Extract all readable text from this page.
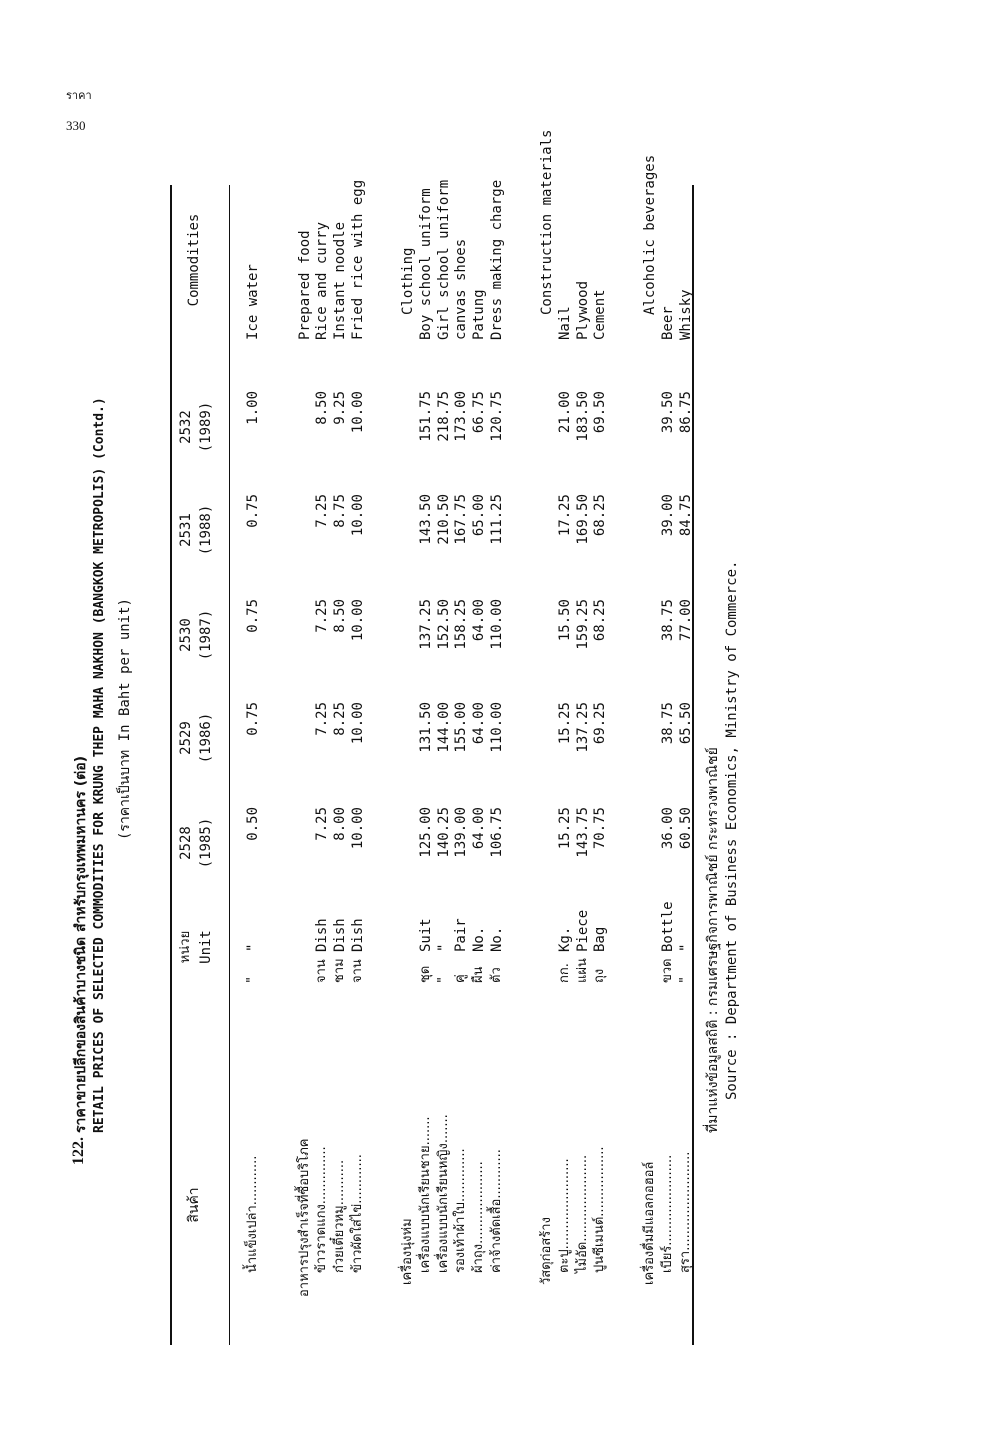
ราคา
330
122.
ราคาขายปลีกของสินค้าบางชนิด สำหรับกรุงเทพมหานคร (ต่อ) RETAIL PRICES OF SELECTED COMMODITIES FOR KRUNG THEP MAHA NAKHON (BANGKOK METROPOLIS) (Contd.) (ราคาเป็นบาท In Baht per unit)
สินค้า
หน่วย Unit
2528 (1985)
2529 (1986)
2530 (1987)
2531 (1988)
2532 (1989)
Commodities
น้ำแข็งเปล่า............
"
"
0.50
0.75
0.75
0.75
1.00
Ice water
อาหารปรุงสำเร็จที่ซื้อบริโภค
Prepared food
ข้าวราดแกง..............
จาน
Dish
7.25
7.25
7.25
7.25
8.50
Rice and curry
ก๋วยเตี๋ยวหมู...........
ชาม
Dish
8.00
8.25
8.50
8.75
9.25
Instant noodle
ข้าวผัดใส่ไข่............
จาน
Dish
10.00
10.00
10.00
10.00
10.00
Fried rice with egg
เครื่องนุ่งห่ม
Clothing
เครื่องแบบนักเรียนชาย.......
ชุด
Suit
125.00
131.50
137.25
143.50
151.75
Boy school uniform
เครื่องแบบนักเรียนหญิง.......
"
"
140.25
144.00
152.50
210.50
218.75
Girl school uniform
รองเท้าผ้าใบ.............
คู่
Pair
139.00
155.00
158.25
167.75
173.00
canvas shoes
ผ้าถุง....................
ผืน
No.
64.00
64.00
64.00
65.00
66.75
Patung
ค่าจ้างตัดเสื้อ............
ตัว
No.
106.75
110.00
110.00
111.25
120.75
Dress making charge
วัสดุก่อสร้าง
Construction materials
ตะปู......................
กก.
Kg.
15.25
15.25
15.50
17.25
21.00
Nail
ไม้อัด.....................
แผ่น
Piece
143.75
137.25
159.25
169.50
183.50
Plywood
ปูนซีเมนต์.................
ถุง
Bag
70.75
69.25
68.25
68.25
69.50
Cement
เครื่องดื่มมีแอลกอฮอล์
Alcoholic beverages
เบียร์......................
ขวด
Bottle
36.00
38.75
38.75
39.00
39.50
Beer
สุรา........................
"
"
60.50
65.50
77.00
84.75
86.75
Whisky
ที่มาแห่งข้อมูลสถิติ : กรมเศรษฐกิจการพาณิชย์ กระทรวงพาณิชย์ Source : Department of Business Economics, Ministry of Commerce.
